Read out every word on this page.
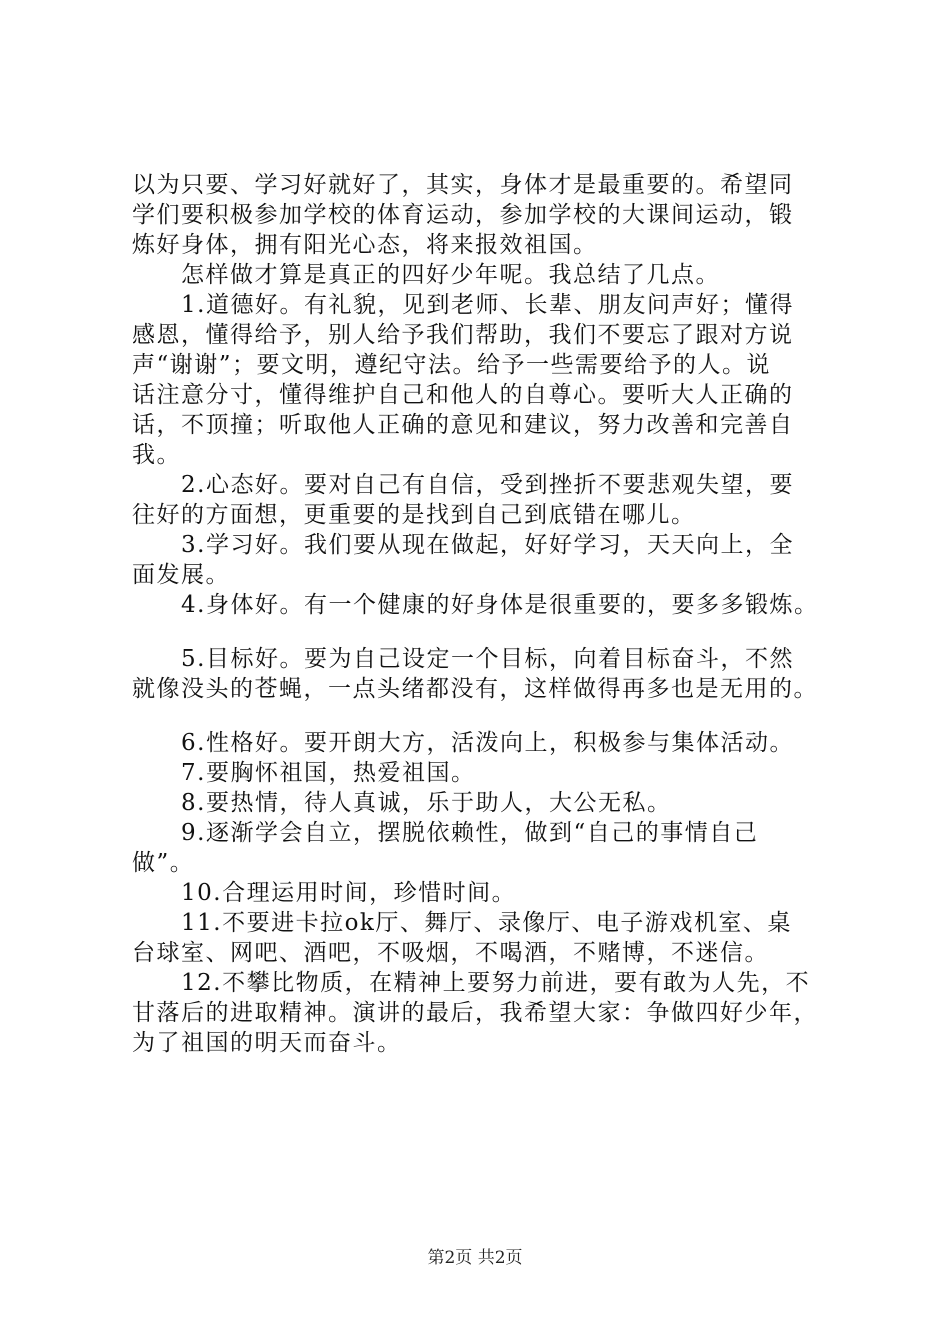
以为只要、学习好就好了，其实，身体才是最重要的。希望同

学们要积极参加学校的体育运动，参加学校的大课间运动，锻

炼好身体，拥有阳光心态，将来报效祖国。

　　怎样做才算是真正的四好少年呢。我总结了几点。

　　1.道德好。有礼貌，见到老师、长辈、朋友问声好；懂得

感恩，懂得给予，别人给予我们帮助，我们不要忘了跟对方说

声“谢谢”；要文明，遵纪守法。给予一些需要给予的人。说

话注意分寸，懂得维护自己和他人的自尊心。要听大人正确的

话，不顶撞；听取他人正确的意见和建议，努力改善和完善自

我。

　　2.心态好。要对自己有自信，受到挫折不要悲观失望，要

往好的方面想，更重要的是找到自己到底错在哪儿。

　　3.学习好。我们要从现在做起，好好学习，天天向上，全

面发展。

　　4.身体好。有一个健康的好身体是很重要的，要多多锻炼。

　　5.目标好。要为自己设定一个目标，向着目标奋斗，不然

就像没头的苍蝇，一点头绪都没有，这样做得再多也是无用的。

　　6.性格好。要开朗大方，活泼向上，积极参与集体活动。

　　7.要胸怀祖国，热爱祖国。

　　8.要热情，待人真诚，乐于助人，大公无私。

　　9.逐渐学会自立，摆脱依赖性，做到“自己的事情自己

做”。

　　10.合理运用时间，珍惜时间。

　　11.不要进卡拉ok厅、舞厅、录像厅、电子游戏机室、桌

台球室、网吧、酒吧，不吸烟，不喝酒，不赌博，不迷信。

　　12.不攀比物质，在精神上要努力前进，要有敢为人先，不

甘落后的进取精神。演讲的最后，我希望大家：争做四好少年，

为了祖国的明天而奋斗。

第2页 共2页
